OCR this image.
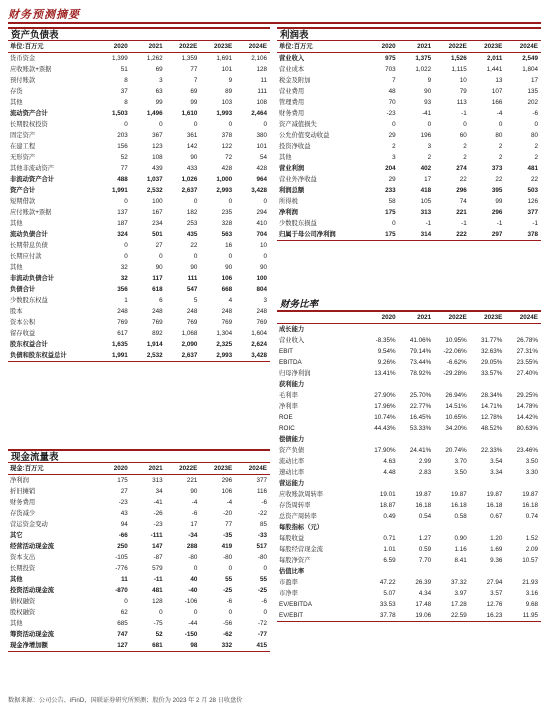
财务预测摘要
资产负债表
单位:百万元	2020	2021	2022E	2023E	2024E
货币资金	1,399	1,262	1,359	1,691	2,106
应收账款+票据	51	69	77	101	128
预付账款	8	3	7	9	11
存货	37	63	69	89	111
其他	8	99	99	103	108
流动资产合计	1,503	1,496	1,610	1,993	2,464
长期股权投资	0	0	0	0	0
固定资产	203	367	361	378	380
在建工程	156	123	142	122	101
无形资产	52	108	90	72	54
其他非流动资产	77	439	433	428	428
非流动资产合计	488	1,037	1,026	1,000	964
资产合计	1,991	2,532	2,637	2,993	3,428
短期借款	0	100	0	0	0
应付账款+票据	137	167	182	235	294
其他	187	234	253	328	410
流动负债合计	324	501	435	563	704
长期带息负债	0	27	22	16	10
长期应付款	0	0	0	0	0
其他	32	90	90	90	90
非流动负债合计	32	117	111	106	100
负债合计	356	618	547	668	804
少数股东权益	1	6	5	4	3
股本	248	248	248	248	248
资本公积	769	769	769	769	769
留存收益	617	892	1,068	1,304	1,604
股东权益合计	1,635	1,914	2,090	2,325	2,624
负债和股东权益总计	1,991	2,532	2,637	2,993	3,428
利润表
单位:百万元	2020	2021	2022E	2023E	2024E
营业收入	975	1,375	1,526	2,011	2,549
营业成本	703	1,022	1,115	1,441	1,804
税金及附加	7	9	10	13	17
营业费用	48	90	79	107	135
管理费用	70	93	113	166	202
财务费用	-23	-41	-1	-4	-6
资产减值损失	0	0	0	0	0
公允价值变动收益	29	196	60	80	80
投资净收益	2	3	2	2	2
其他	3	2	2	2	2
营业利润	204	402	274	373	481
营业外净收益	29	17	22	22	22
利润总额	233	418	296	395	503
所得税	58	105	74	99	126
净利润	175	313	221	296	377
少数股东损益	0	-1	-1	-1	-1
归属于母公司净利润	175	314	222	297	378
财务比率
	2020	2021	2022E	2023E	2024E
成长能力					
营业收入	-8.35%	41.06%	10.95%	31.77%	26.78%
EBIT	9.54%	79.14%	-22.06%	32.63%	27.31%
EBITDA	9.26%	73.44%	-6.62%	29.05%	23.55%
归母净利润	13.41%	78.92%	-29.28%	33.57%	27.40%
获利能力					
毛利率	27.90%	25.70%	26.94%	28.34%	29.25%
净利率	17.96%	22.77%	14.51%	14.71%	14.78%
ROE	10.74%	16.45%	10.65%	12.78%	14.42%
ROIC	44.43%	53.33%	34.20%	48.52%	80.63%
偿债能力					
资产负债	17.90%	24.41%	20.74%	22.33%	23.46%
流动比率	4.63	2.99	3.70	3.54	3.50
速动比率	4.48	2.83	3.50	3.34	3.30
营运能力					
应收账款周转率	19.01	19.87	19.87	19.87	19.87
存货周转率	18.87	16.18	16.18	16.18	16.18
总资产周转率	0.49	0.54	0.58	0.67	0.74
每股指标（元）					
每股收益	0.71	1.27	0.90	1.20	1.52
每股经营现金流	1.01	0.59	1.16	1.69	2.09
每股净资产	6.59	7.70	8.41	9.36	10.57
估值比率					
市盈率	47.22	26.39	37.32	27.94	21.93
市净率	5.07	4.34	3.97	3.57	3.16
EV/EBITDA	33.53	17.48	17.28	12.76	9.68
EV/EBIT	37.78	19.06	22.59	16.23	11.95
现金流量表
现金:百万元	2020	2021	2022E	2023E	2024E
净利润	175	313	221	296	377
折旧摊销	27	34	90	106	116
财务费用	-23	-41	-4	-4	-6
存货减少	43	-26	-6	-20	-22
营运资金变动	94	-23	17	77	85
其它	-66	-111	-34	-35	-33
经营活动现金流	250	147	288	419	517
资本支出	-105	-87	-80	-80	-80
长期投资	-776	579	0	0	0
其他	11	-11	40	55	55
投资活动现金流	-870	481	-40	-25	-25
债权融资	0	128	-106	-6	-6
股权融资	62	0	0	0	0
其他	685	-75	-44	-56	-72
筹资活动现金流	747	52	-150	-62	-77
现金净增加额	127	681	98	332	415
数据来源：公司公告、iFinD，国联证券研究所预测；股价为 2023 年 2 月 28 日收盘价
